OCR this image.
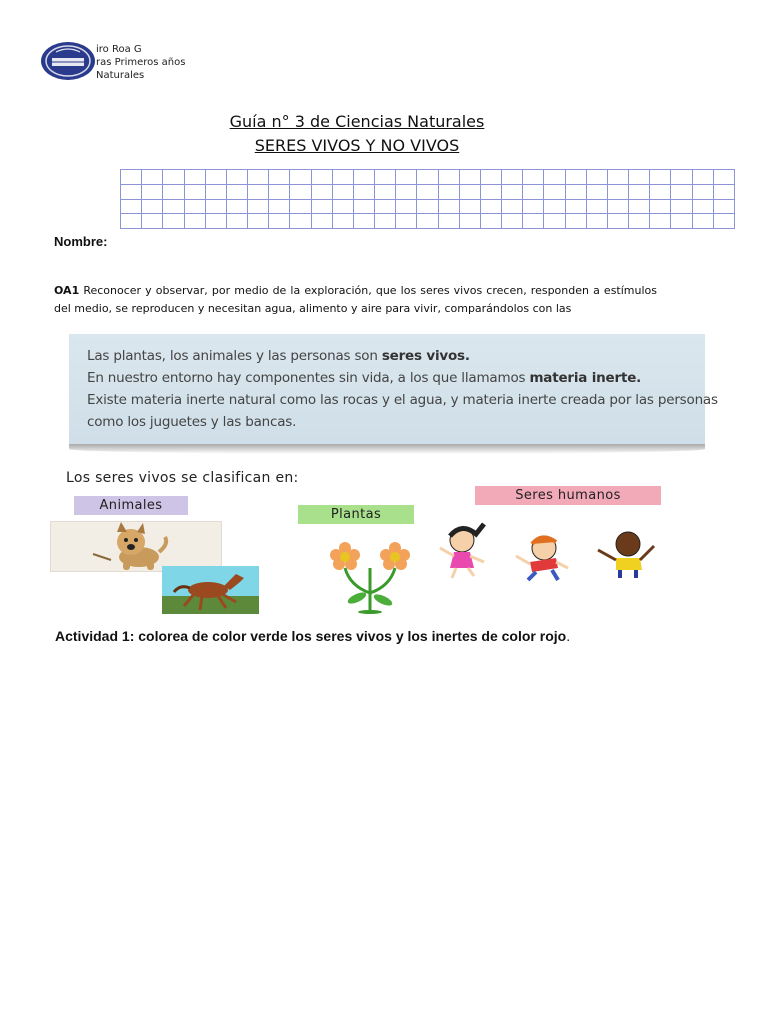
iro Roa G
ras Primeros años
Naturales
Guía n° 3 de Ciencias Naturales
SERES VIVOS Y NO VIVOS
Nombre:
OA1 Reconocer y observar, por medio de la exploración, que los seres vivos crecen, responden a estímulos del medio, se reproducen y necesitan agua, alimento y aire para vivir, comparándolos con las
Las plantas, los animales y las personas son seres vivos.
En nuestro entorno hay componentes sin vida, a los que llamamos materia inerte.
Existe materia inerte natural como las rocas y el agua, y materia inerte creada por las personas
como los juguetes y las bancas.
Los seres vivos se clasifican en:
Animales
Plantas
Seres humanos
Actividad 1: colorea de color verde los seres vivos y los inertes de color rojo.
